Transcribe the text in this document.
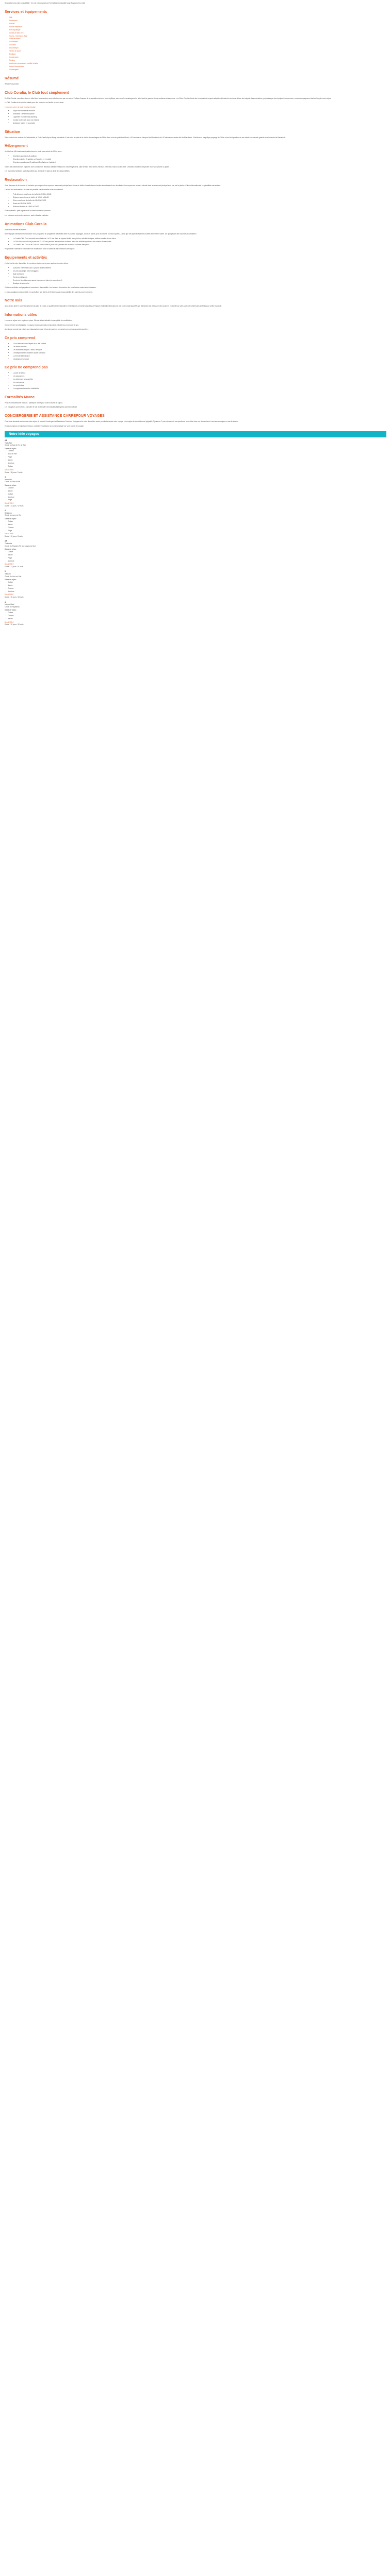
Description à la prise compatibilité : Ce prix est composé par Formalités Consignalité Loge Soyaneur Eco Club

Services et équipements
• Wifi
• Restaurant
• Piscine
• Piscine extérieure
• Parc aquatique
• Centre de bien-être
• Sauna - Hammam - Spa
• Salle de fitness
• Club enfant
• Club ado
• Discothèque
• Terrain de sport
• Boutique
• Conciergerie
• Parking
• Accès aux personnes à mobilité réduite
• Accueil francophone
• Conciergerie
Résumé

Résumé du produit

Club Coralia, le Club tout simplement

En Club Coralia, vous êtes dans un hôtel dont les chambres sont sélectionnées par nos soins. Profitez d'espace de la prestation dans un cadre idyllique, avec tous les avantages d'un hôtel haut de gamme et une ambiance chaleureuse. Les Clubs Coralia offrent des formules tout compris adaptées à toutes les envies et à tous les budgets. Les animations, proposées par des équipes francophones, vous accompagneront tout au long de votre séjour.

Le Club Coralia est la solution idéale pour des vacances en famille ou entre amis.

L'essence même de partir en Club Coralia :

• Séjour en formule all inclusive
• Animation 100% francophone
• Logement en hôtel haut-standing
• Coralia Club Cook pour vos enfants
• Ambiance festive et conviviale
Situation

Dans un écrin de verdure et d'authenticité, le Club Coralia Aqua Mirage Marrakech 4* est situé au pied de la chaîne de montagnes de l'Atlas dans un écrin paisible et fleuri, à 20 minutes de l'aéroport de Marrakech et à 20 minutes du centre-ville de Marrakech. Il fait face au magnifique paysage de l'Atlas et met à disposition de ses clients une navette gratuite vers le centre de Marrakech.

Hébergement

Un hôtel de 448 chambres réparties dans un vaste parc arboré de 12 ha, avec :

• Chambres standards (2 adultes)
• Chambres triples (3 adultes ou 2 adultes et 1 enfant)
• Chambres quadruples (2 adultes et 2 enfants ou 4 adultes)

Toutes les chambres sont équipées d'air conditionné, télévision satellite, téléphone, mini-réfrigérateur, salle de bain avec sèche-cheveux, coffre-fort, balcon ou terrasse. Certaines chambres disposent d'une vue piscine ou jardin.

Les chambres familiales sont disponibles sur demande et dans la limite des disponibilités.

Restauration

Vous disposez de la formule All Inclusive qui comprend les repas au restaurant principal sous forme de buffet et des boissons locales alcoolisées et non alcoolisées. Les repas sont servis à volonté dans le restaurant principal avec vue sur la piscine. Cuisine internationale et spécialités marocaines.

L'accès aux restaurants à la carte est possible sur réservation et en supplément.

• Petit déjeuner sous forme de buffet de 7h00 à 10h30
• Déjeuner sous forme de buffet de 12h30 à 14h30
• Dîner sous forme de buffet de 19h00 à 21h30
• Snack de 11h00 à 18h00
• Boissons locales de 10h00 à 23h00

En supplément : plats signature à la carte et boissons premium.

Les boissons sont servies au verre, sauf indication contraire.

Animations Club Coralia

Animations adultes et enfants

Notre équipe d'animation francophone vous proposera un programme d'activités varié en journée (aquagym, cours de danse, jeux de piscine, tournois sportifs...) ainsi que des spectacles et des soirées à thème en soirée. De quoi passer des vacances inoubliables !

• Le Coralia Club Cook accueille les enfants de 4 à 12 ans dans un espace dédié, avec piscine, activités ludiques, ateliers créatifs et mini-disco.
• Le Club Ado accueille les jeunes de 13 à 17 ans pendant les vacances scolaires avec des activités sportives, des soirées et des sorties.
• Le Coralia Club Cook et le Club Ado sont ouverts 6 jours sur 7 pendant les vacances scolaires françaises.

Programme d'animation susceptible de modification selon la saison et les conditions climatiques.

Équipements et activités

L'hôtel met à votre disposition de nombreux équipements pour agrémenter votre séjour :

• 3 piscines extérieures dont 1 piscine à débordement
• Un parc aquatique avec toboggans
• Salle de fitness
• Terrains multisports
• Centre de bien-être avec sauna, hammam et soins (en supplément)
• Boutique de souvenirs

Certaines activités sont payantes et soumises à disponibilité. Les horaires d'ouverture des installations varient selon la saison.

Le parc aquatique est accessible en accès libre aux clients de l'hôtel, sous la responsabilité des parents pour les enfants.

Notre avis

Nous avons aimé le cadre exceptionnel au pied de l'Atlas, la qualité de la restauration et l'ambiance conviviale assurée par l'équipe d'animation francophone. Le Club Coralia Aqua Mirage Marrakech est idéal pour des vacances en famille au soleil, avec de nombreuses activités pour petits et grands.

Informations utiles

La taxe de séjour est à régler sur place. Elle est à titre indicatif et susceptible de modification.

Conformément à la législation en vigueur, la consommation d'alcool est interdite aux moins de 18 ans.

Une tenue correcte est exigée au restaurant principal et lors des soirées. Les shorts ne sont pas acceptés au dîner.

Ce prix comprend
• Le vol aller-retour au départ de la ville choisie
• Les taxes aéroport
• Les transferts aéroport / hôtel / aéroport
• L'hébergement en chambre double standard
• La formule All Inclusive
• L'assistance sur place
Ce prix ne comprend pas
• La taxe de séjour
• Les assurances
• Les dépenses personnelles
• Les excursions
• Les pourboires
• Le supplément chambre individuelle
Formalités Maroc

Pour les ressortissants français : passeport valide pour toute la durée du séjour.

Les voyageurs sont invités à consulter le site du Ministère des Affaires étrangères avant leur départ.

CONCIERGERIE ET ASSISTANCE CARREFOUR VOYAGES

Pour toute demande concernant votre séjour, le service Conciergerie et Assistance Carrefour Voyages est à votre disposition avant, pendant et après votre voyage. Une équipe de conseillers est joignable 7 jours sur 7 pour répondre à vos questions, vous aider dans vos démarches et vous accompagner en cas de besoin.

En cas d'urgence pendant votre séjour, contactez l'assistance au numéro indiqué sur votre carnet de voyage.

Notre idée voyages
4,5
Trails Bali
Circuit au Sud de l'île de Bali
Dates de séjour :
• Charme
• Bord de mer
• Plage
• Nature
• Aventure
• Culture
Dès 1 499 €
Durée : 11 jours / 9 nuits
4
Indonésie
Circuit de Java à Bali
Dates de séjour :
• Charme
• Nature
• Culture
• Aventure
• Plage
Dès 1 799 €
Durée : 14 jours / 12 nuits
4
Sri Lanka
Circuit au cœur de l'île
Dates de séjour :
• Culture
• Nature
• Charme
• Plage
Dès 1 299 €
Durée : 10 jours / 8 nuits
4,5
Thaïlande
Circuit du Triangle d'Or aux plages du Sud
Dates de séjour :
• Culture
• Nature
• Plage
• Aventure
Dès 1 599 €
Durée : 13 jours / 11 nuits
5
Vietnam
Circuit du Nord au Sud
Dates de séjour :
• Culture
• Nature
• Charme
• Aventure
Dès 1 899 €
Durée : 15 jours / 13 nuits
4
Inde du Nord
Circuit du Rajasthan
Dates de séjour :
• Culture
• Charme
• Nature
Dès 1 399 €
Durée : 12 jours / 10 nuits
